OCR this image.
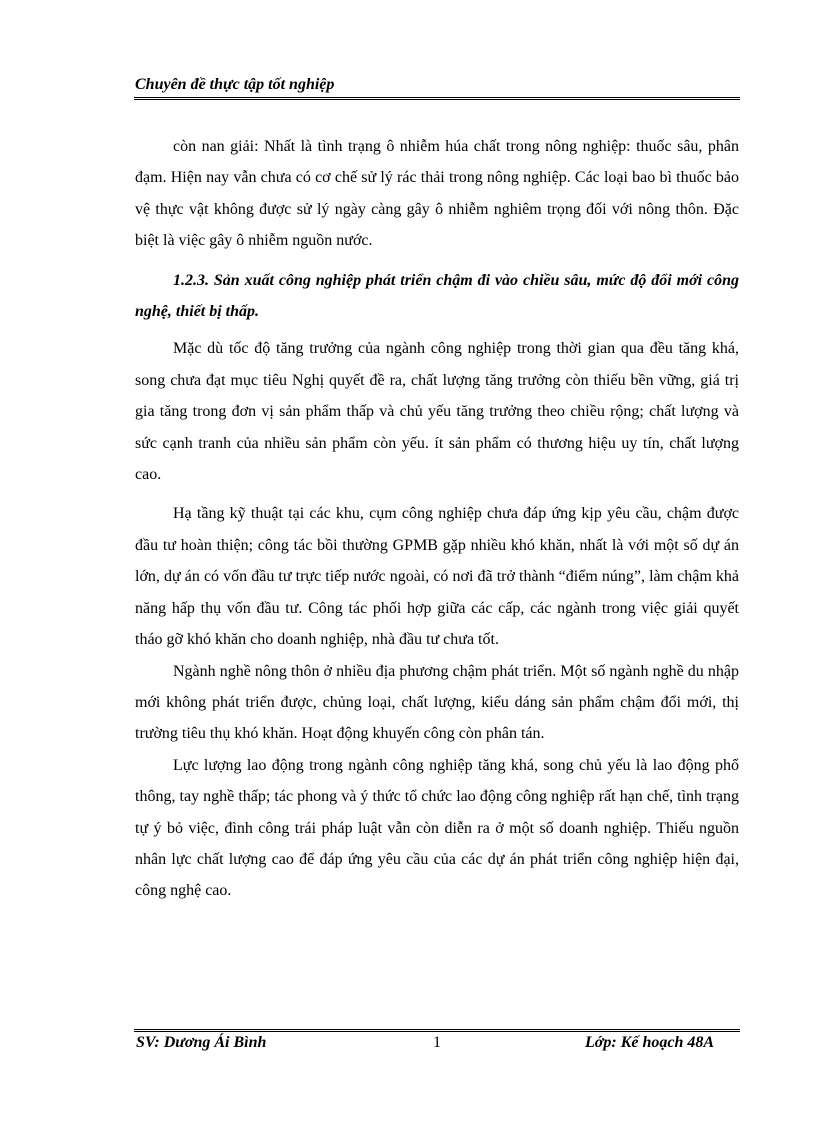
Chuyên đề thực tập tốt nghiệp

còn nan giải: Nhất là tình trạng ô nhiễm húa chất trong nông nghiệp: thuốc sâu, phân đạm. Hiện nay vẫn chưa có cơ chế sử lý rác thải trong nông nghiệp. Các loại bao bì thuốc bảo vệ thực vật không được sử lý ngày càng gây ô nhiễm nghiêm trọng đối với nông thôn. Đặc biệt là việc gây ô nhiễm nguồn nước.

1.2.3. Sản xuất công nghiệp phát triển chậm đi vào chiều sâu, mức độ đổi mới công nghệ, thiết bị thấp.

Mặc dù tốc độ tăng trưởng của ngành công nghiệp trong thời gian qua đều tăng khá, song chưa đạt mục tiêu Nghị quyết đề ra, chất lượng tăng trưởng còn thiếu bền vững, giá trị gia tăng trong đơn vị sản phẩm thấp và chủ yếu tăng trưởng theo chiều rộng; chất lượng và sức cạnh tranh của nhiều sản phẩm còn yếu. ít sản phẩm có thương hiệu uy tín, chất lượng cao.

Hạ tầng kỹ thuật tại các khu, cụm công nghiệp chưa đáp ứng kịp yêu cầu, chậm được đầu tư hoàn thiện; công tác bồi thường GPMB gặp nhiều khó khăn, nhất là với một số dự án lớn, dự án có vốn đầu tư trực tiếp nước ngoài, có nơi đã trở thành “điểm núng”, làm chậm khả năng hấp thụ vốn đầu tư. Công tác phối hợp giữa các cấp, các ngành trong việc giải quyết tháo gỡ khó khăn cho doanh nghiệp, nhà đầu tư chưa tốt.

Ngành nghề nông thôn ở nhiều địa phương chậm phát triển. Một số ngành nghề du nhập mới không phát triển được, chủng loại, chất lượng, kiểu dáng sản phẩm chậm đổi mới, thị trường tiêu thụ khó khăn. Hoạt động khuyến công còn phân tán.

Lực lượng lao động trong ngành công nghiệp tăng khá, song chủ yếu là lao động phổ thông, tay nghề thấp; tác phong và ý thức tổ chức lao động công nghiệp rất hạn chế, tình trạng tự ý bỏ việc, đình công trái pháp luật vẫn còn diễn ra ở một số doanh nghiệp. Thiếu nguồn nhân lực chất lượng cao để đáp ứng yêu cầu của các dự án phát triển công nghiệp hiện đại, công nghệ cao.

SV: Dương Ái Bình	1	Lớp: Kế hoạch 48A
